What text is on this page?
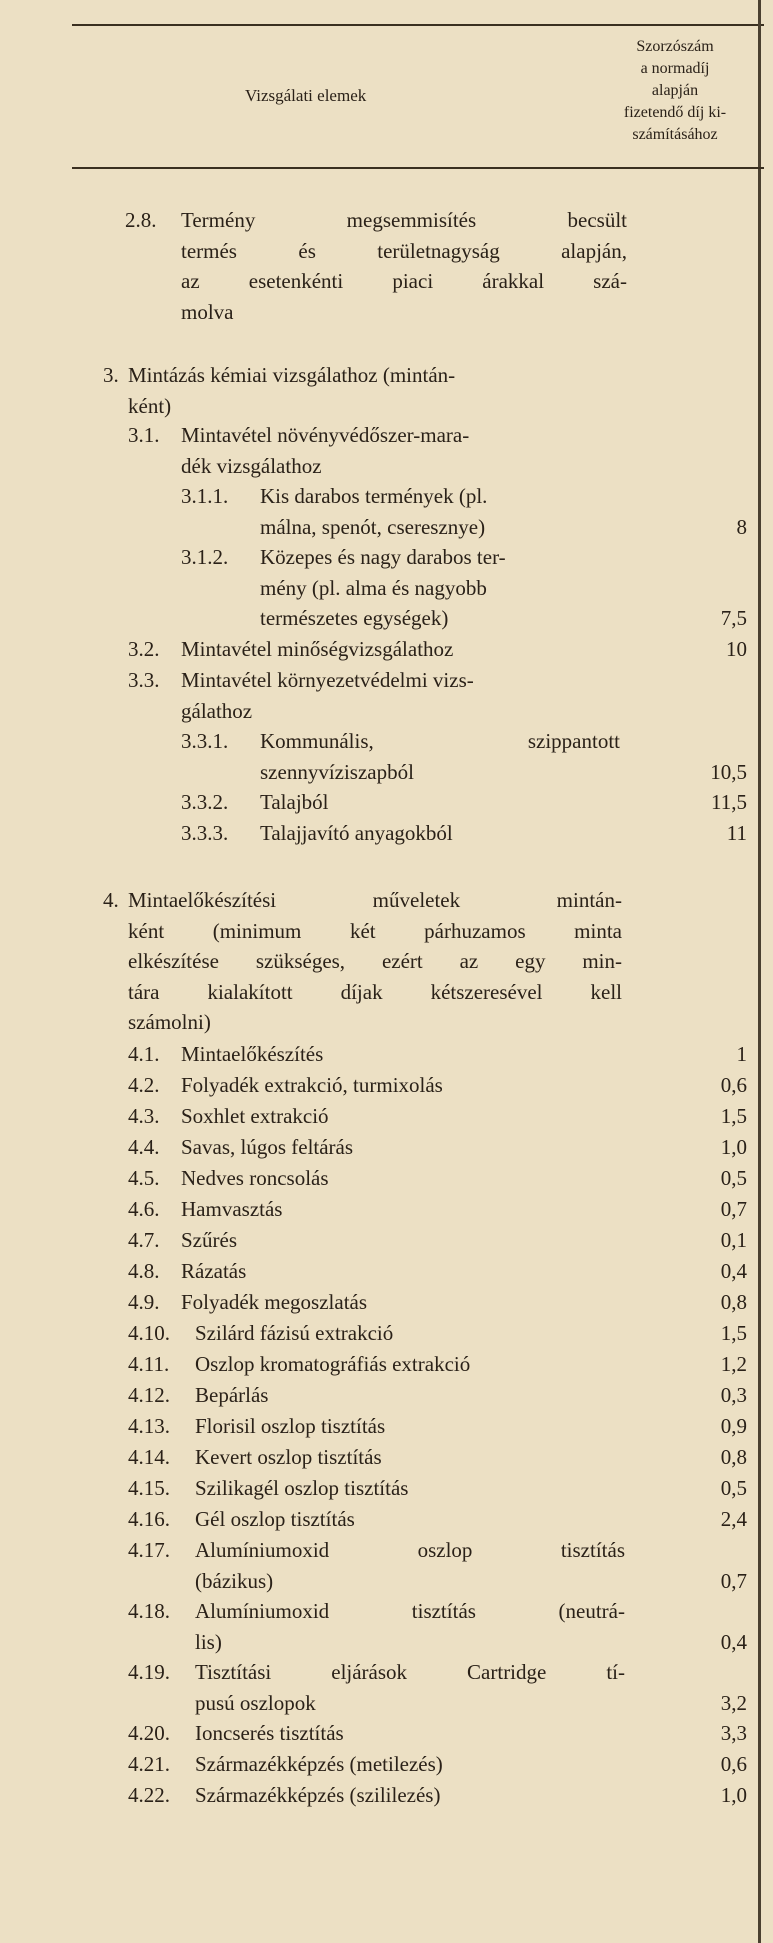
Vizsgálati elemek
Szorzószám
a normadíj
alapján
fizetendő díj ki-
számításához
2.8. Termény megsemmisítés becsült
termés és területnagyság alapján,
az esetenkénti piaci árakkal szá-
molva
3. Mintázás kémiai vizsgálathoz (mintán-
ként)
3.1. Mintavétel növényvédőszer-mara-
dék vizsgálathoz
3.1.1. Kis darabos termények (pl.
málna, spenót, cseresznye)	8
3.1.2. Közepes és nagy darabos ter-
mény (pl. alma és nagyobb
természetes egységek)	7,5
3.2. Mintavétel minőségvizsgálathoz	10
3.3. Mintavétel környezetvédelmi vizs-
gálathoz
3.3.1. Kommunális, szippantott
szennyvíziszapból	10,5
3.3.2. Talajból	11,5
3.3.3. Talajjavító anyagokból	11
4. Mintaelőkészítési műveletek mintán-
ként (minimum két párhuzamos minta
elkészítése szükséges, ezért az egy min-
tára kialakított díjak kétszeresével kell
számolni)
4.1. Mintaelőkészítés	1
4.2. Folyadék extrakció, turmixolás	0,6
4.3. Soxhlet extrakció	1,5
4.4. Savas, lúgos feltárás	1,0
4.5. Nedves roncsolás	0,5
4.6. Hamvasztás	0,7
4.7. Szűrés	0,1
4.8. Rázatás	0,4
4.9. Folyadék megoszlatás	0,8
4.10. Szilárd fázisú extrakció	1,5
4.11. Oszlop kromatográfiás extrakció	1,2
4.12. Bepárlás	0,3
4.13. Florisil oszlop tisztítás	0,9
4.14. Kevert oszlop tisztítás	0,8
4.15. Szilikagél oszlop tisztítás	0,5
4.16. Gél oszlop tisztítás	2,4
4.17. Alumíniumoxid oszlop tisztítás
(bázikus)	0,7
4.18. Alumíniumoxid tisztítás (neutrá-
lis)	0,4
4.19. Tisztítási eljárások Cartridge tí-
pusú oszlopok	3,2
4.20. Ioncserés tisztítás	3,3
4.21. Származékképzés (metilezés)	0,6
4.22. Származékképzés (szililezés)	1,0
